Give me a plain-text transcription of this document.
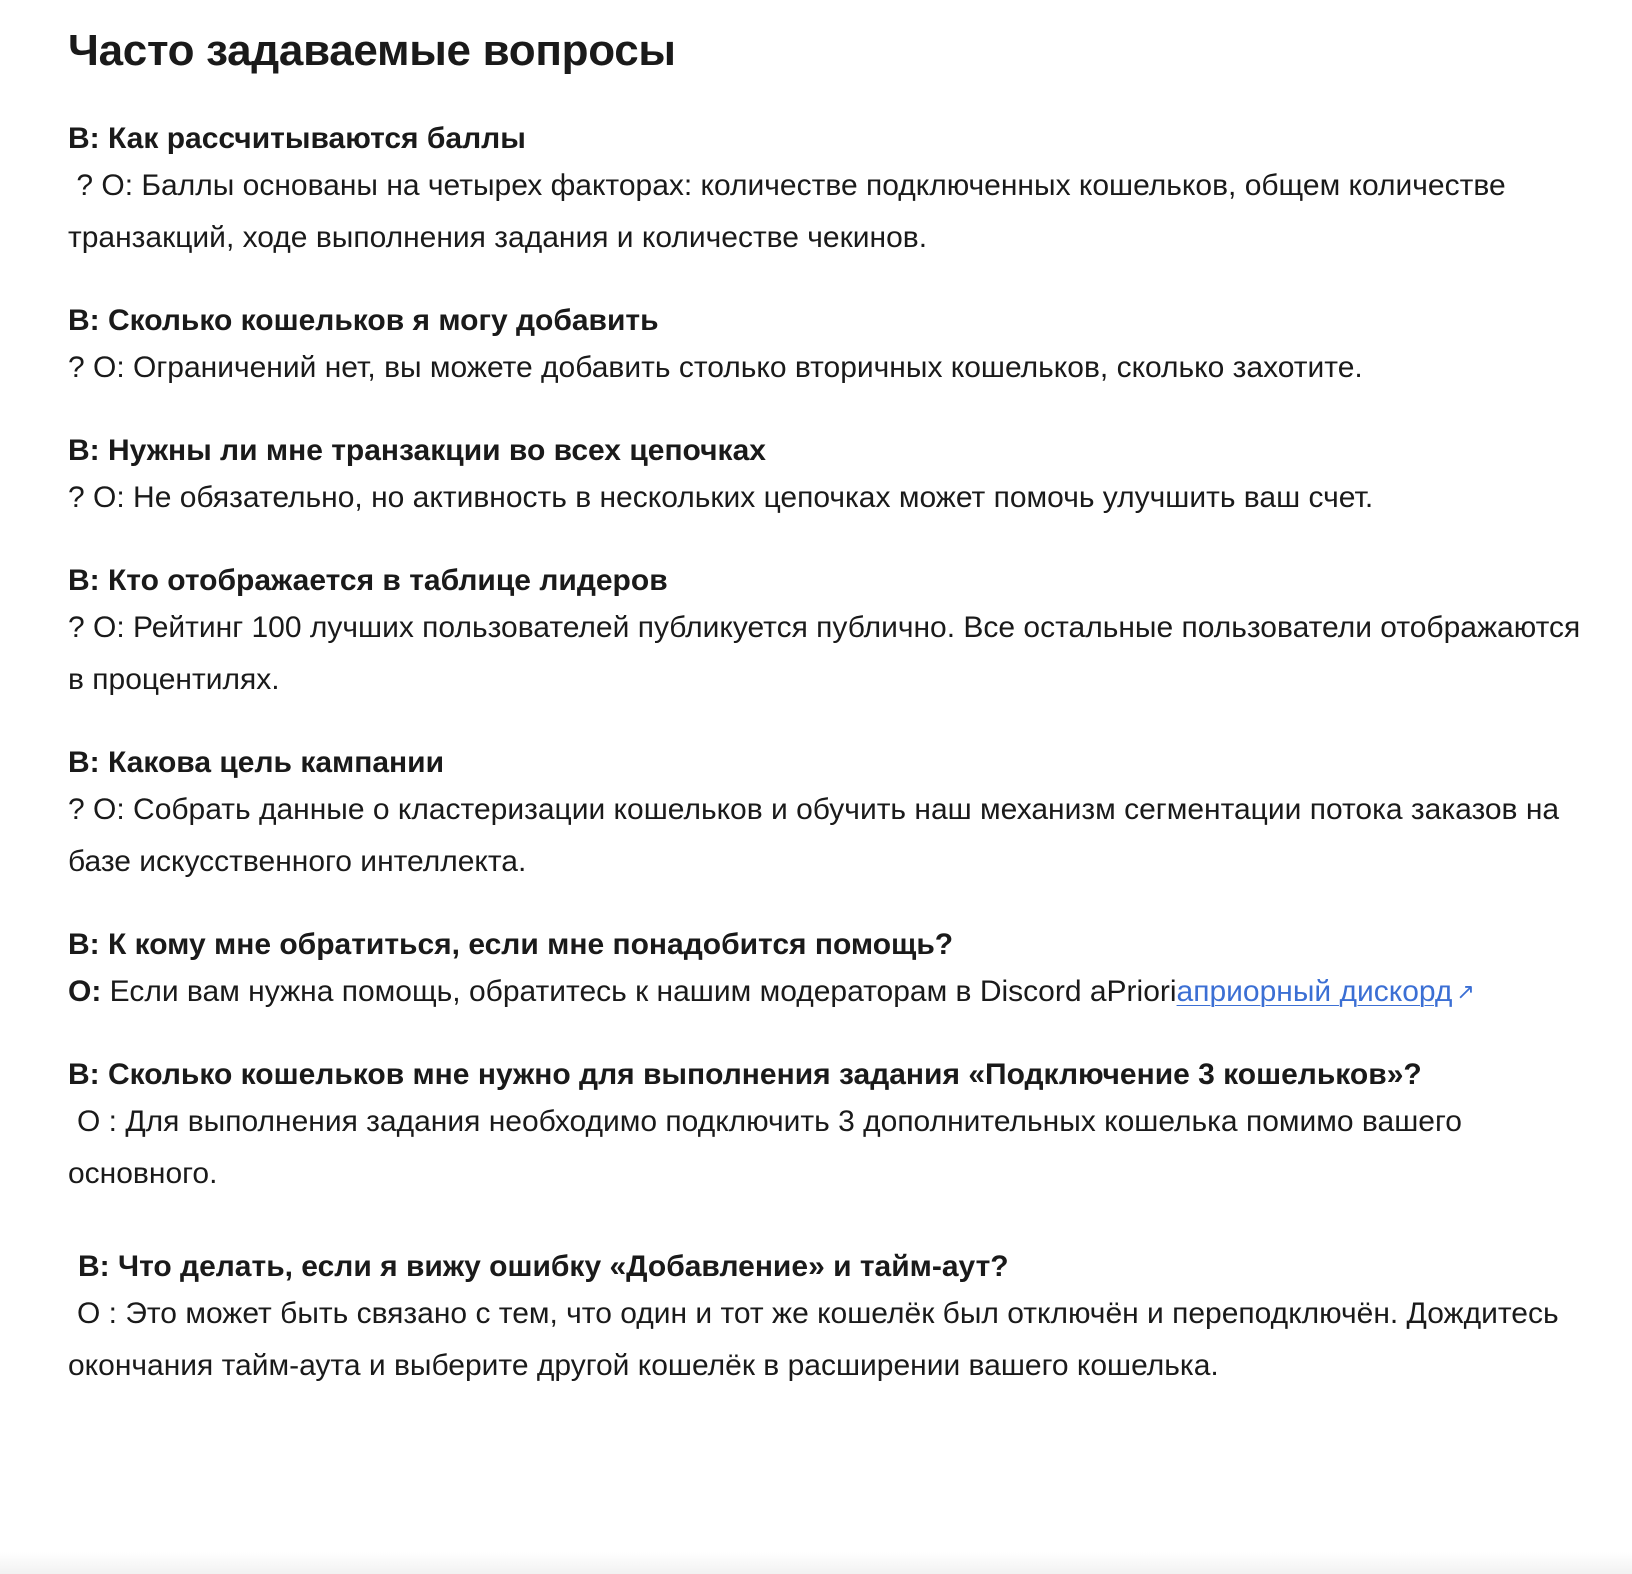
Часто задаваемые вопросы

В: Как рассчитываются баллы

? О: Баллы основаны на четырех факторах: количестве подключенных кошельков, общем количестве транзакций, ходе выполнения задания и количестве чекинов.

В: Сколько кошельков я могу добавить

? О: Ограничений нет, вы можете добавить столько вторичных кошельков, сколько захотите.

В: Нужны ли мне транзакции во всех цепочках

? О: Не обязательно, но активность в нескольких цепочках может помочь улучшить ваш счет.

В: Кто отображается в таблице лидеров

? О: Рейтинг 100 лучших пользователей публикуется публично. Все остальные пользователи отображаются в процентилях.

В: Какова цель кампании

? О: Собрать данные о кластеризации кошельков и обучить наш механизм сегментации потока заказов на базе искусственного интеллекта.

В: К кому мне обратиться, если мне понадобится помощь?

О: Если вам нужна помощь, обратитесь к нашим модераторам в Discord aPrioriаприорный дискорд ↗

В: Сколько кошельков мне нужно для выполнения задания «Подключение 3 кошельков»?

О : Для выполнения задания необходимо подключить 3 дополнительных кошелька помимо вашего основного.

В: Что делать, если я вижу ошибку «Добавление» и тайм-аут?

О : Это может быть связано с тем, что один и тот же кошелёк был отключён и переподключён. Дождитесь окончания тайм-аута и выберите другой кошелёк в расширении вашего кошелька.
